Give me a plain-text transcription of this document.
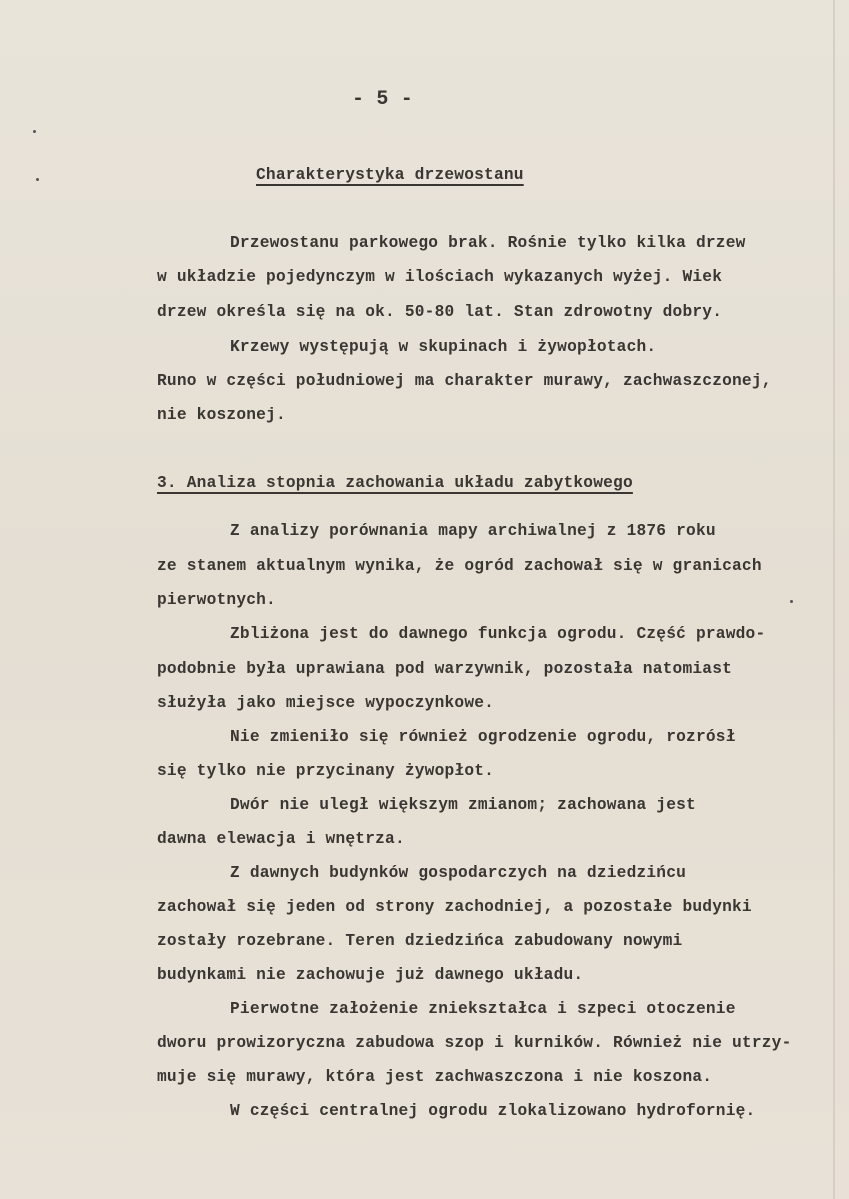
- 5 -
Charakterystyka drzewostanu
Drzewostanu parkowego brak. Rośnie tylko kilka drzew
w układzie pojedynczym w ilościach wykazanych wyżej. Wiek
drzew określa się na ok. 50-80 lat. Stan zdrowotny dobry.
Krzewy występują w skupinach i żywopłotach.
Runo w części południowej ma charakter murawy, zachwaszczonej,
nie koszonej.
3. Analiza stopnia zachowania układu zabytkowego
Z analizy porównania mapy archiwalnej z 1876 roku
ze stanem aktualnym wynika, że ogród zachował się w granicach
pierwotnych.
Zbliżona jest do dawnego funkcja ogrodu. Część prawdo-
podobnie była uprawiana pod warzywnik, pozostała natomiast
służyła jako miejsce wypoczynkowe.
Nie zmieniło się również ogrodzenie ogrodu, rozrósł
się tylko nie przycinany żywopłot.
Dwór nie uległ większym zmianom; zachowana jest
dawna elewacja i wnętrza.
Z dawnych budynków gospodarczych na dziedzińcu
zachował się jeden od strony zachodniej, a pozostałe budynki
zostały rozebrane. Teren dziedzińca zabudowany nowymi
budynkami nie zachowuje już dawnego układu.
Pierwotne założenie zniekształca i szpeci otoczenie
dworu prowizoryczna zabudowa szop i kurników. Również nie utrzy-
muje się murawy, która jest zachwaszczona i nie koszona.
W części centralnej ogrodu zlokalizowano hydrofornię.
